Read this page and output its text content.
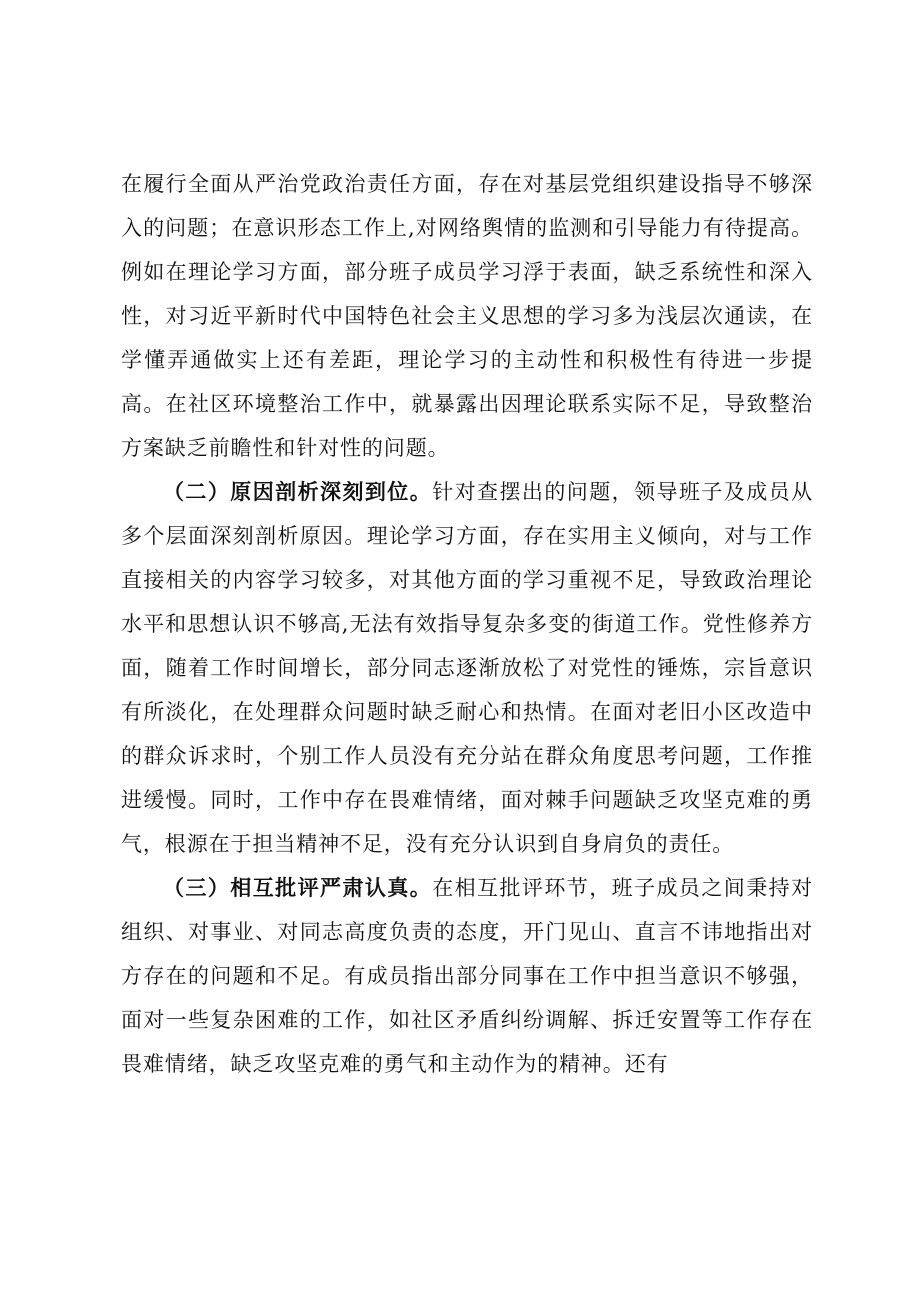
在履行全面从严治党政治责任方面，存在对基层党组织建设指导不够深入的问题；在意识形态工作上,对网络舆情的监测和引导能力有待提高。例如在理论学习方面，部分班子成员学习浮于表面，缺乏系统性和深入性，对习近平新时代中国特色社会主义思想的学习多为浅层次通读，在学懂弄通做实上还有差距，理论学习的主动性和积极性有待进一步提高。在社区环境整治工作中，就暴露出因理论联系实际不足，导致整治方案缺乏前瞻性和针对性的问题。

（二）原因剖析深刻到位。针对查摆出的问题，领导班子及成员从多个层面深刻剖析原因。理论学习方面，存在实用主义倾向，对与工作直接相关的内容学习较多，对其他方面的学习重视不足，导致政治理论水平和思想认识不够高,无法有效指导复杂多变的街道工作。党性修养方面，随着工作时间增长，部分同志逐渐放松了对党性的锤炼，宗旨意识有所淡化，在处理群众问题时缺乏耐心和热情。在面对老旧小区改造中的群众诉求时，个别工作人员没有充分站在群众角度思考问题，工作推进缓慢。同时，工作中存在畏难情绪，面对棘手问题缺乏攻坚克难的勇气，根源在于担当精神不足，没有充分认识到自身肩负的责任。

（三）相互批评严肃认真。在相互批评环节，班子成员之间秉持对组织、对事业、对同志高度负责的态度，开门见山、直言不讳地指出对方存在的问题和不足。有成员指出部分同事在工作中担当意识不够强，面对一些复杂困难的工作，如社区矛盾纠纷调解、拆迁安置等工作存在畏难情绪，缺乏攻坚克难的勇气和主动作为的精神。还有
